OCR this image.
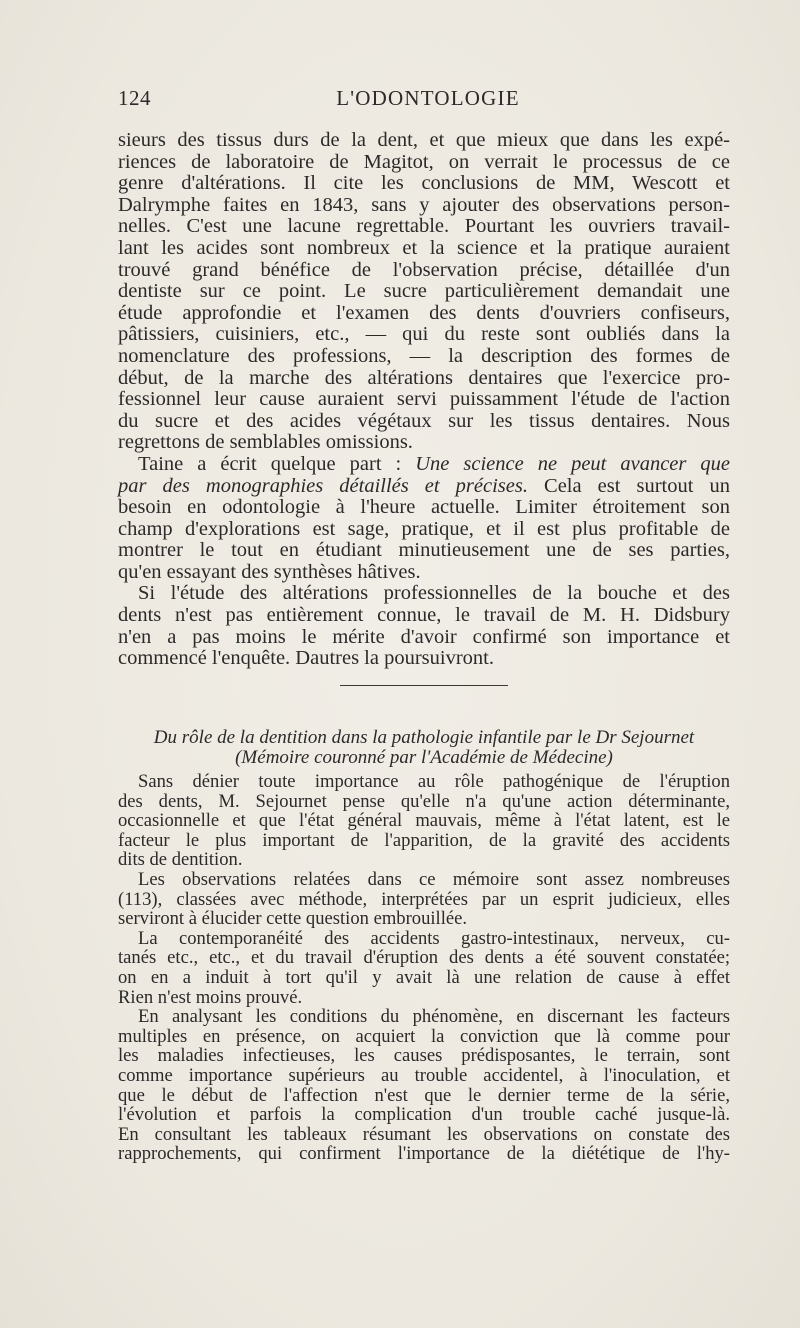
124	L'ODONTOLOGIE
sieurs des tissus durs de la dent, et que mieux que dans les expé-
riences de laboratoire de Magitot, on verrait le processus de ce
genre d'altérations. Il cite les conclusions de MM, Wescott et
Dalrymphe faites en 1843, sans y ajouter des observations person-
nelles. C'est une lacune regrettable. Pourtant les ouvriers travail-
lant les acides sont nombreux et la science et la pratique auraient
trouvé grand bénéfice de l'observation précise, détaillée d'un
dentiste sur ce point. Le sucre particulièrement demandait une
étude approfondie et l'examen des dents d'ouvriers confiseurs,
pâtissiers, cuisiniers, etc., — qui du reste sont oubliés dans la
nomenclature des professions, — la description des formes de
début, de la marche des altérations dentaires que l'exercice pro-
fessionnel leur cause auraient servi puissamment l'étude de l'action
du sucre et des acides végétaux sur les tissus dentaires. Nous
regrettons de semblables omissions.
Taine a écrit quelque part : Une science ne peut avancer que
par des monographies détaillés et précises. Cela est surtout un
besoin en odontologie à l'heure actuelle. Limiter étroitement son
champ d'explorations est sage, pratique, et il est plus profitable de
montrer le tout en étudiant minutieusement une de ses parties,
qu'en essayant des synthèses hâtives.
Si l'étude des altérations professionnelles de la bouche et des
dents n'est pas entièrement connue, le travail de M. H. Didsbury
n'en a pas moins le mérite d'avoir confirmé son importance et
commencé l'enquête. Dautres la poursuivront.
Du rôle de la dentition dans la pathologie infantile par le Dr Sejournet
(Mémoire couronné par l'Académie de Médecine)
Sans dénier toute importance au rôle pathogénique de l'éruption
des dents, M. Sejournet pense qu'elle n'a qu'une action déterminante,
occasionnelle et que l'état général mauvais, même à l'état latent, est le
facteur le plus important de l'apparition, de la gravité des accidents
dits de dentition.
Les observations relatées dans ce mémoire sont assez nombreuses
(113), classées avec méthode, interprétées par un esprit judicieux, elles
serviront à élucider cette question embrouillée.
La contemporanéité des accidents gastro-intestinaux, nerveux, cu-
tanés etc., etc., et du travail d'éruption des dents a été souvent constatée;
on en a induit à tort qu'il y avait là une relation de cause à effet
Rien n'est moins prouvé.
En analysant les conditions du phénomène, en discernant les facteurs
multiples en présence, on acquiert la conviction que là comme pour
les maladies infectieuses, les causes prédisposantes, le terrain, sont
comme importance supérieurs au trouble accidentel, à l'inoculation, et
que le début de l'affection n'est que le dernier terme de la série,
l'évolution et parfois la complication d'un trouble caché jusque-là.
En consultant les tableaux résumant les observations on constate des
rapprochements, qui confirment l'importance de la diététique de l'hy-
